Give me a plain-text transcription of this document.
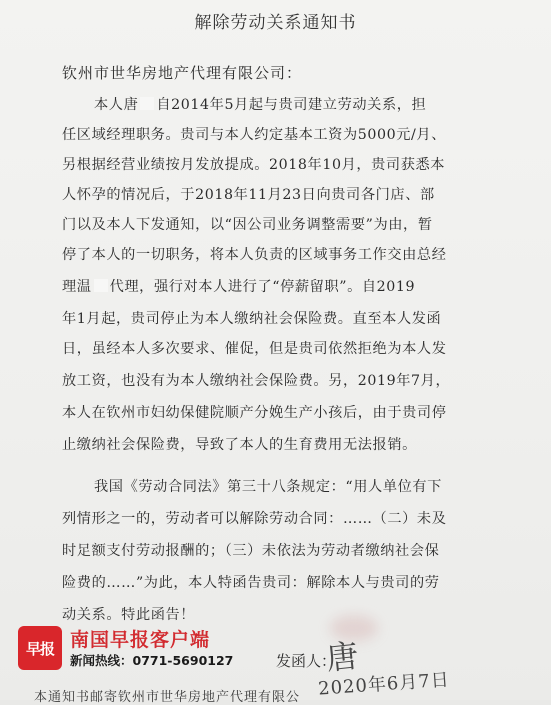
解除劳动关系通知书
钦州市世华房地产代理有限公司：
本人唐 自2014年5月起与贵司建立劳动关系，担
任区域经理职务。贵司与本人约定基本工资为5000元/月、
另根据经营业绩按月发放提成。2018年10月，贵司获悉本
人怀孕的情况后，于2018年11月23日向贵司各门店、部
门以及本人下发通知，以“因公司业务调整需要”为由，暂
停了本人的一切职务，将本人负责的区域事务工作交由总经
理温 代理，强行对本人进行了“停薪留职”。自2019
年1月起，贵司停止为本人缴纳社会保险费。直至本人发函
日，虽经本人多次要求、催促，但是贵司依然拒绝为本人发
放工资，也没有为本人缴纳社会保险费。另，2019年7月，
本人在钦州市妇幼保健院顺产分娩生产小孩后，由于贵司停
止缴纳社会保险费，导致了本人的生育费用无法报销。
我国《劳动合同法》第三十八条规定：“用人单位有下
列情形之一的，劳动者可以解除劳动合同：……（二）未及
时足额支付劳动报酬的；（三）未依法为劳动者缴纳社会保
险费的……”为此，本人特函告贵司：解除本人与贵司的劳
动关系。特此函告！
发函人：
唐
2020年6月7日
本通知书邮寄钦州市世华房地产代理有限公
早报 南国早报客户端
新闻热线：0771-5690127
